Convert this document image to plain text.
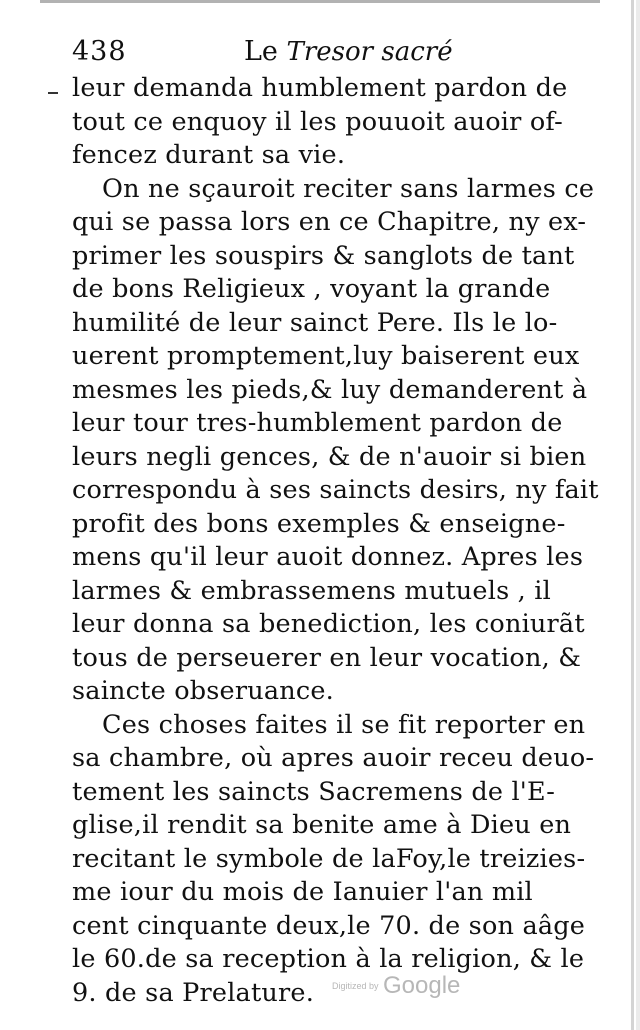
438	Le Tresor sacré
leur demanda humblement pardon de
tout ce enquoy il les pouuoit auoir of-
fencez durant sa vie.
On ne sçauroit reciter sans larmes ce
qui se passa lors en ce Chapitre, ny ex-
primer les souspirs & sanglots de tant
de bons Religieux , voyant la grande
humilité de leur sainct Pere. Ils le lo-
uerent promptement,luy baiserent eux
mesmes les pieds,& luy demanderent à
leur tour tres-humblement pardon de
leurs negli gences, & de n'auoir si bien
correspondu à ses saincts desirs, ny fait
profit des bons exemples & enseigne-
mens qu'il leur auoit donnez. Apres les
larmes & embrassemens mutuels , il
leur donna sa benediction, les coniurãt
tous de perseuerer en leur vocation, &
saincte obseruance.
Ces choses faites il se fit reporter en
sa chambre, où apres auoir receu deuo-
tement les saincts Sacremens de l'E-
glise,il rendit sa benite ame à Dieu en
recitant le symbole de laFoy,le treizies-
me iour du mois de Ianuier l'an mil
cent cinquante deux,le 70. de son aâge
le 60.de sa reception à la religion, & le
9. de sa Prelature.	Digitized by Google
